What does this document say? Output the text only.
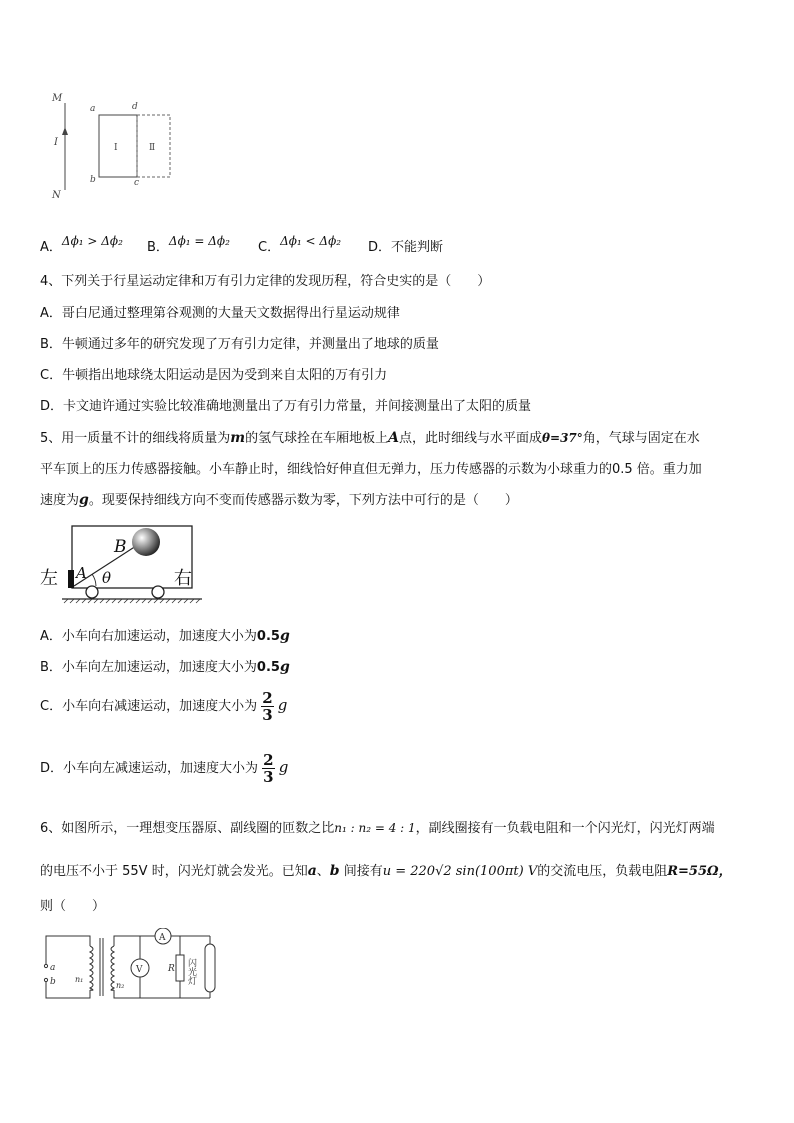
M
I
N
a	d
b	c
Ⅰ	Ⅱ
A．Δϕ₁ > Δϕ₂ B．Δϕ₁ = Δϕ₂ C．Δϕ₁ < Δϕ₂ D．不能判断
4、下列关于行星运动定律和万有引力定律的发现历程，符合史实的是（　　）
A．哥白尼通过整理第谷观测的大量天文数据得出行星运动规律
B．牛顿通过多年的研究发现了万有引力定律，并测量出了地球的质量
C．牛顿指出地球绕太阳运动是因为受到来自太阳的万有引力
D．卡文迪许通过实验比较准确地测量出了万有引力常量，并间接测量出了太阳的质量
5、用一质量不计的细线将质量为m的氢气球拴在车厢地板上A点，此时细线与水平面成θ=37°角，气球与固定在水
平车顶上的压力传感器接触。小车静止时，细线恰好伸直但无弹力，压力传感器的示数为小球重力的0.5 倍。重力加
速度为g。现要保持细线方向不变而传感器示数为零，下列方法中可行的是（　　）
左	右
B
A θ
A．小车向右加速运动，加速度大小为0.5g
B．小车向左加速运动，加速度大小为0.5g
C．小车向右减速运动，加速度大小为 $\frac{2}{3}$ g
D．小车向左减速运动，加速度大小为 $\frac{2}{3}$ g
6、如图所示，一理想变压器原、副线圈的匝数之比n₁ : n₂ = 4 : 1，副线圈接有一负载电阻和一个闪光灯，闪光灯两端
的电压不小于 55V 时，闪光灯就会发光。已知a、b 间接有u = 220√2 sin(100πt) V的交流电压，负载电阻R=55Ω，
则（　　）
a
b n₁
n₂
A
V	R 闪光灯
